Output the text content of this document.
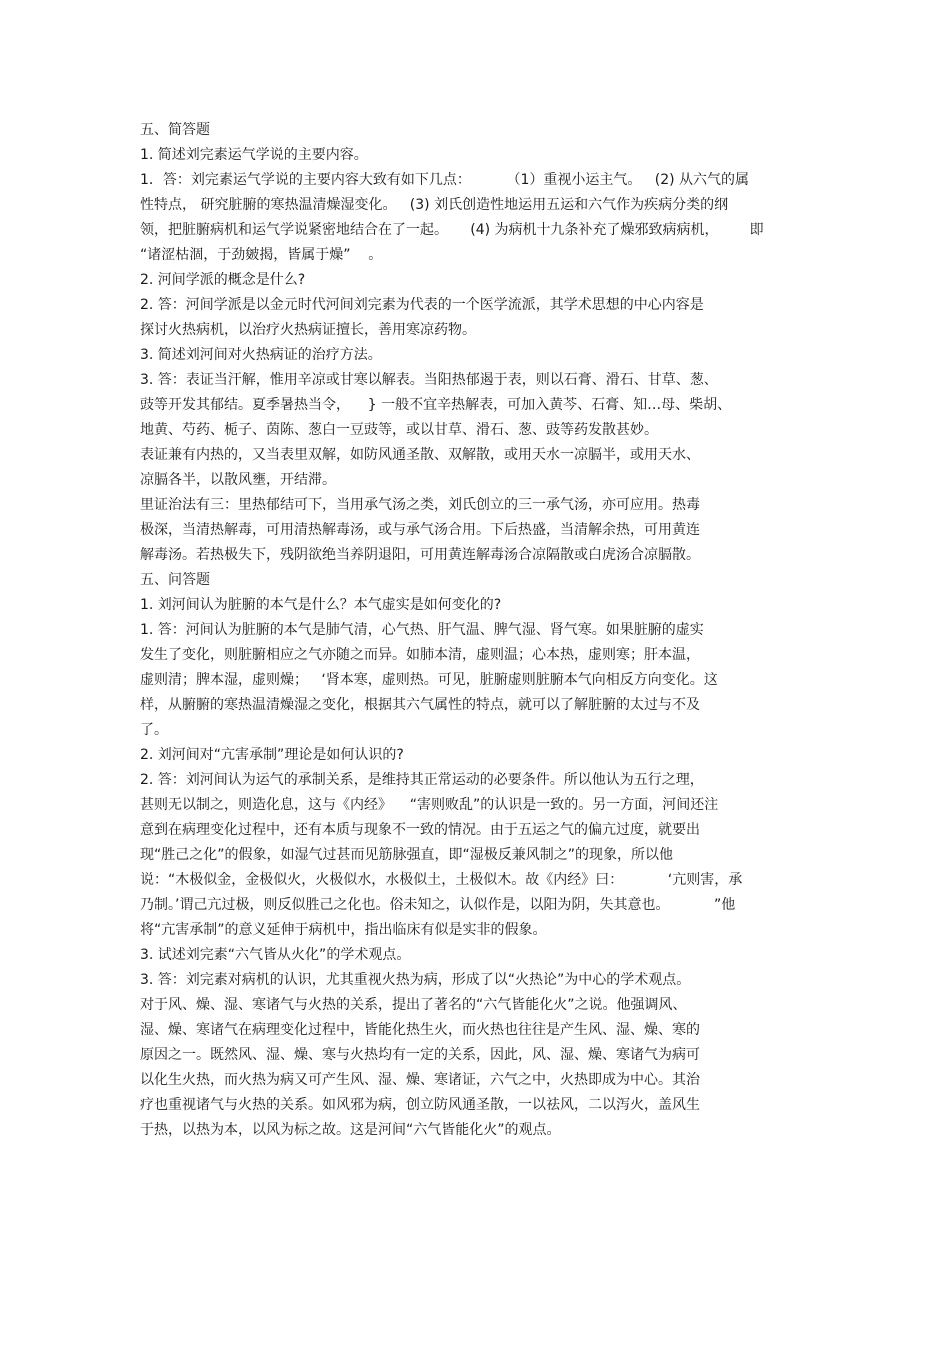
五、简答题
1. 简述刘完素运气学说的主要内容。
1．答：刘完素运气学说的主要内容大致有如下几点：        （1）重视小运主气。   (2) 从六气的属
性特点， 研究脏腑的寒热温清燥湿变化。   (3) 刘氏创造性地运用五运和六气作为疾病分类的纲
领，把脏腑病机和运气学说紧密地结合在了一起。     (4) 为病机十九条补充了燥邪致病病机，       即
“诸涩枯涸，于劲皴揭，皆属于燥”    。
2. 河间学派的概念是什么?
2. 答：河间学派是以金元时代河间刘完素为代表的一个医学流派，其学术思想的中心内容是
探讨火热病机，以治疗火热病证擅长，善用寒凉药物。
3. 简述刘河间对火热病证的治疗方法。
3. 答：表证当汗解，惟用辛凉或甘寒以解表。当阳热郁遏于表，则以石膏、滑石、甘草、葱、
豉等开发其郁结。夏季暑热当令，    } 一般不宜辛热解表，可加入黄芩、石膏、知…母、柴胡、
地黄、芍药、栀子、茵陈、葱白一豆豉等，或以甘草、滑石、葱、豉等药发散甚妙。
表证兼有内热的，又当表里双解，如防风通圣散、双解散，或用天水一凉膈半，或用天水、
凉膈各半，以散风壅，开结滞。
里证治法有三：里热郁结可下，当用承气汤之类，刘氏创立的三一承气汤，亦可应用。热毒
极深，当清热解毒，可用清热解毒汤，或与承气汤合用。下后热盛，当清解余热，可用黄连
解毒汤。若热极失下，残阴欲绝当养阴退阳，可用黄连解毒汤合凉隔散或白虎汤合凉膈散。
五、问答题
1. 刘河间认为脏腑的本气是什么？本气虚实是如何变化的?
1. 答：河间认为脏腑的本气是肺气清，心气热、肝气温、脾气湿、肾气寒。如果脏腑的虚实
发生了变化，则脏腑相应之气亦随之而异。如肺本清，虚则温；心本热，虚则寒；肝本温，
虚则清；脾本湿，虚则燥；   ‘肾本寒，虚则热。可见，脏腑虚则脏腑本气向相反方向变化。这
样，从腑腑的寒热温清燥湿之变化，根据其六气属性的特点，就可以了解脏腑的太过与不及
了。
2. 刘河间对“亢害承制”理论是如何认识的?
2. 答：刘河间认为运气的承制关系，是维持其正常运动的必要条件。所以他认为五行之理，
甚则无以制之，则造化息，这与《内经》    “害则败乱”的认识是一致的。另一方面，河间还注
意到在病理变化过程中，还有本质与现象不一致的情况。由于五运之气的偏亢过度，就要出
现“胜己之化”的假象，如湿气过甚而见筋脉强直，即“湿极反兼风制之”的现象，所以他
说：“木极似金，金极似火，火极似水，水极似土，土极似木。故《内经》曰：          ‘亢则害，承
乃制。’谓己亢过极，则反似胜己之化也。俗未知之，认似作是，以阳为阴，失其意也。          ”他
将“亢害承制”的意义延伸于病机中，指出临床有似是实非的假象。
3. 试述刘完素“六气皆从火化”的学术观点。
3. 答：刘完素对病机的认识，尤其重视火热为病，形成了以“火热论”为中心的学术观点。
对于风、燥、湿、寒诸气与火热的关系，提出了著名的“六气皆能化火”之说。他强调风、
湿、燥、寒诸气在病理变化过程中，皆能化热生火，而火热也往往是产生风、湿、燥、寒的
原因之一。既然风、湿、燥、寒与火热均有一定的关系，因此，风、湿、燥、寒诸气为病可
以化生火热，而火热为病又可产生风、湿、燥、寒诸证，六气之中，火热即成为中心。其治
疗也重视诸气与火热的关系。如风邪为病，创立防风通圣散，一以祛风，二以泻火，盖风生
于热，以热为本，以风为标之故。这是河间“六气皆能化火”的观点。
